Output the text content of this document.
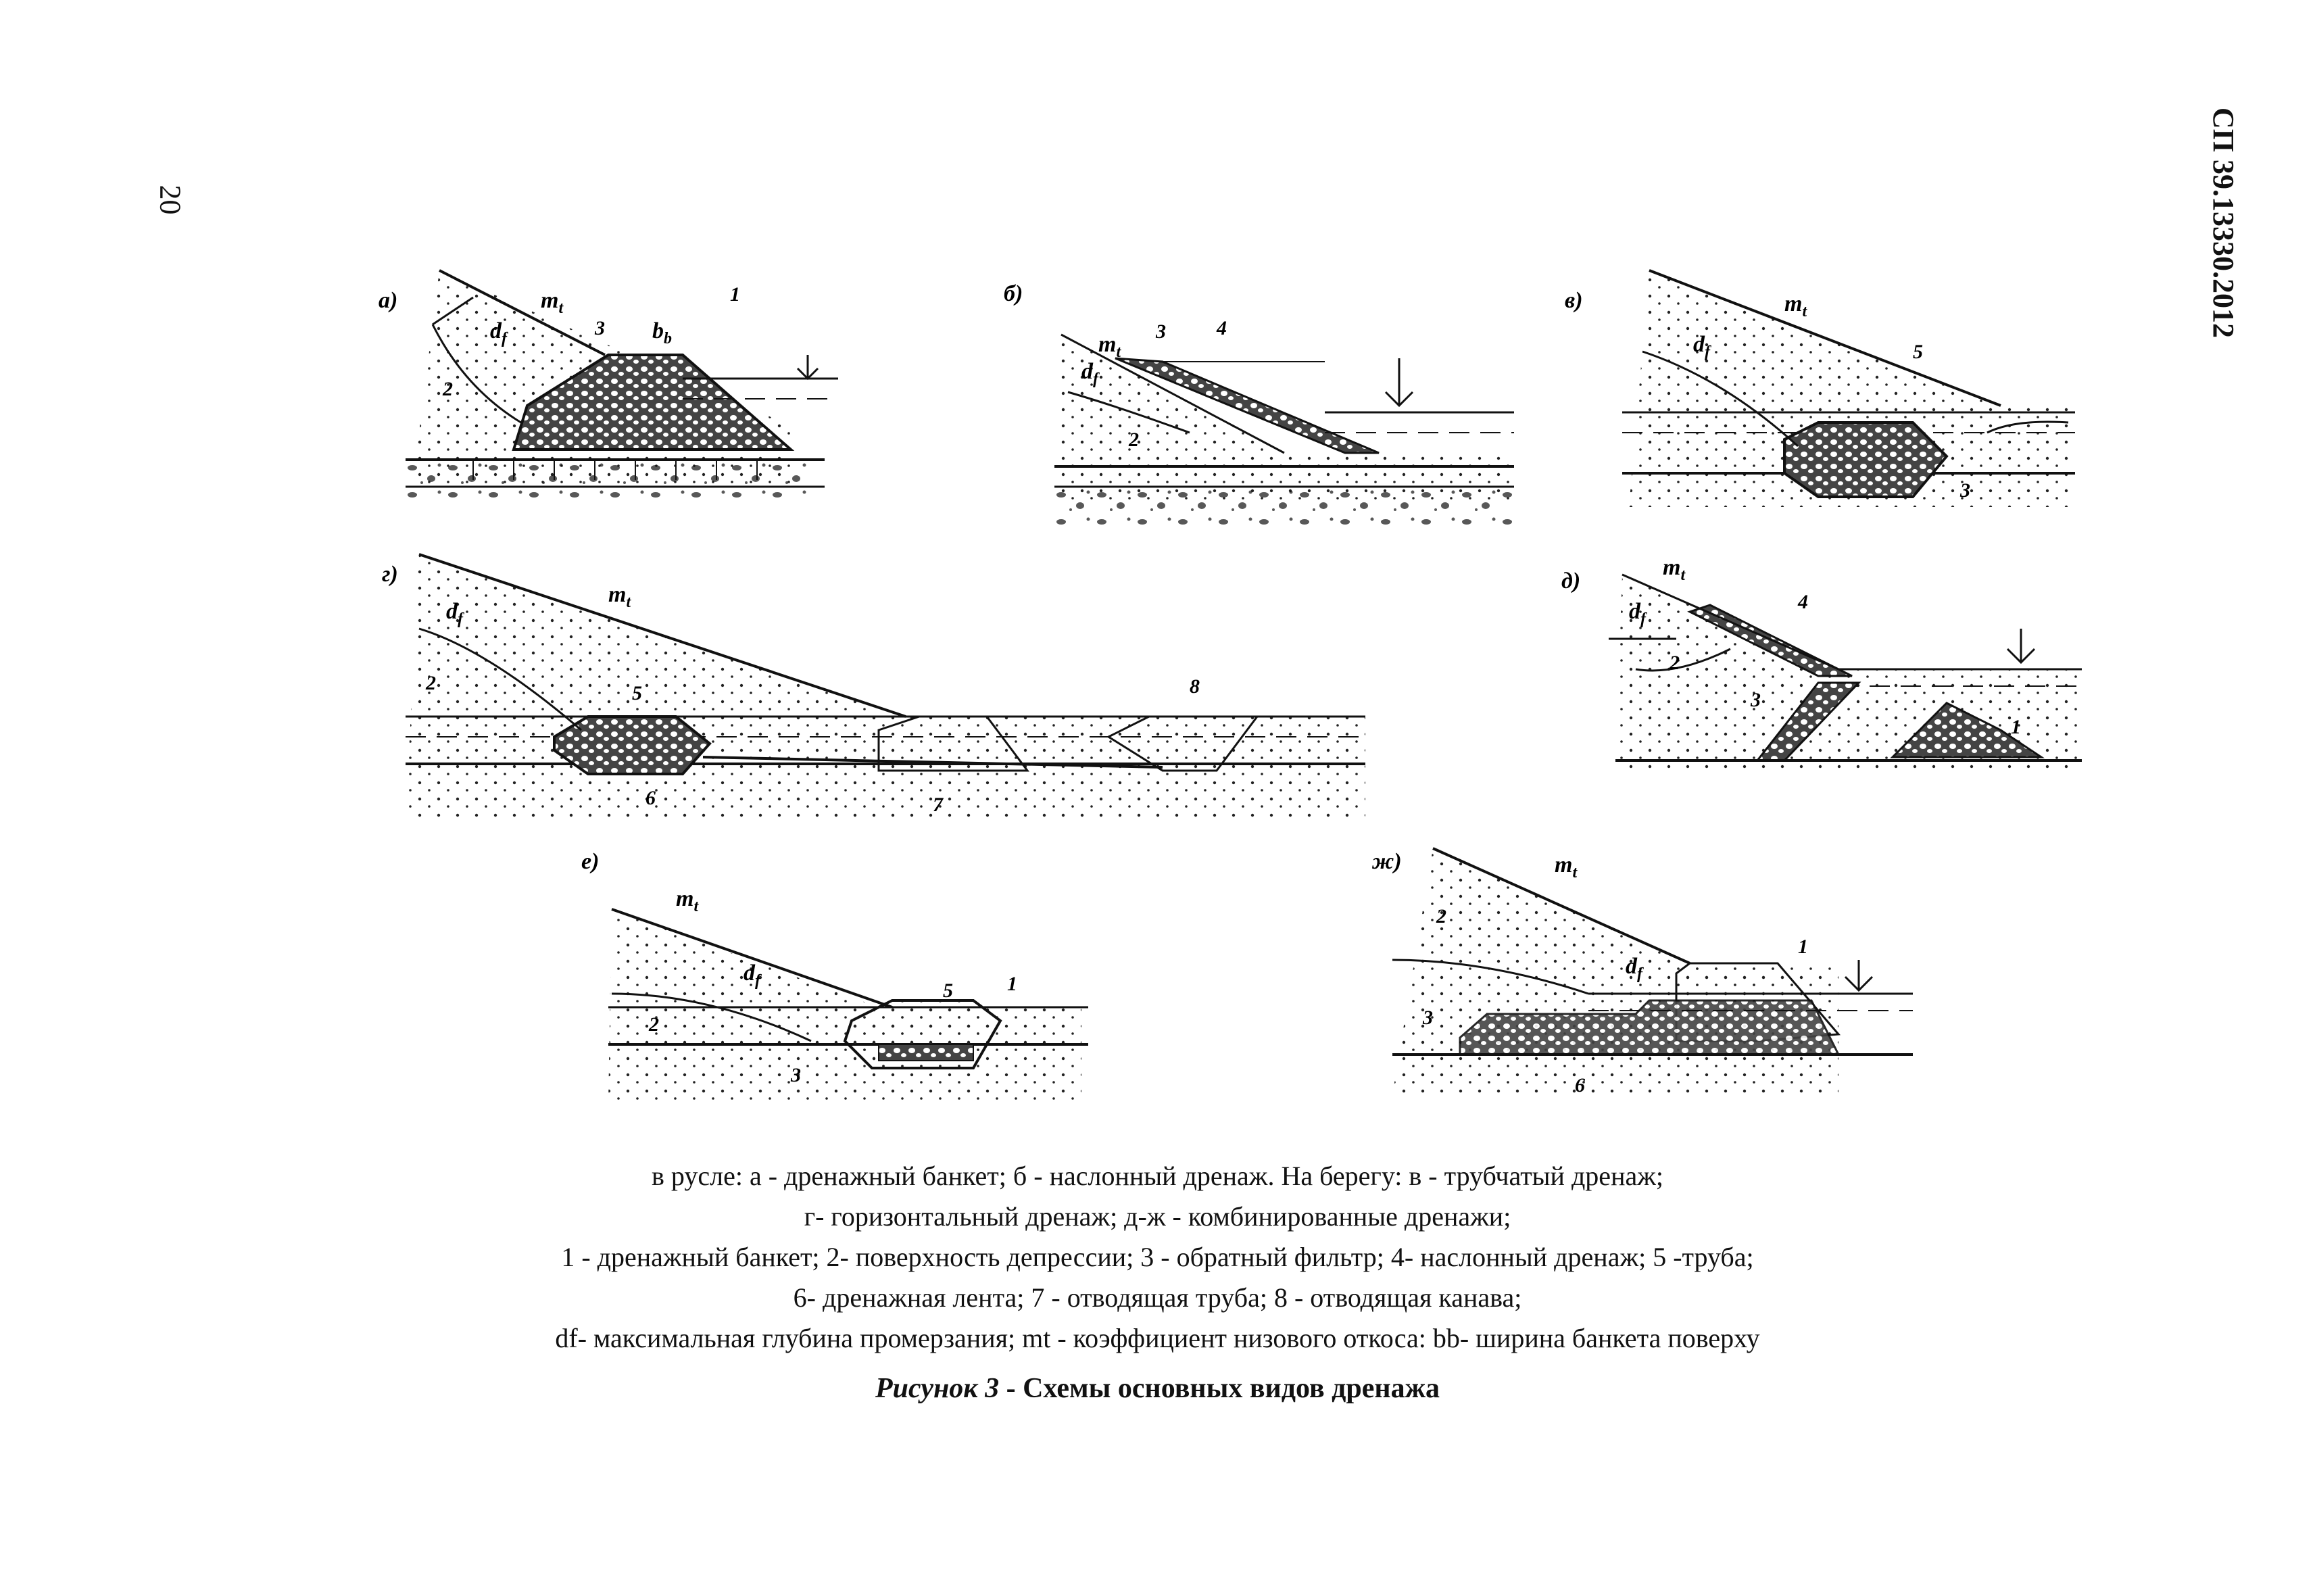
20	СП 39.13330.2012
а)	$m_t$
$d_f$	$b_b$
1
2
3
б)
$m_t$
$d_f$
3	4
2
в)	$m_t$
$d_f$	5
3
г)
$m_t$
$d_f$
2	5
6	7
8
д)
$m_t$
$d_f$
4
2
3
1
е)
$m_t$
$d_f$	5	1
2
3
ж)	$m_t$
$d_f$
2
1
3
6
в русле: а - дренажный банкет; б - наслонный дренаж. На берегу: в - трубчатый дренаж;
г- горизонтальный дренаж; д-ж - комбинированные дренажи;
1 - дренажный банкет; 2- поверхность депрессии; 3 - обратный фильтр; 4- наслонный дренаж; 5 -труба;
6- дренажная лента; 7 - отводящая труба; 8 - отводящая канава;
df- максимальная глубина промерзания; mt - коэффициент низового откоса: bb- ширина банкета поверху
Рисунок 3 - Схемы основных видов дренажа
